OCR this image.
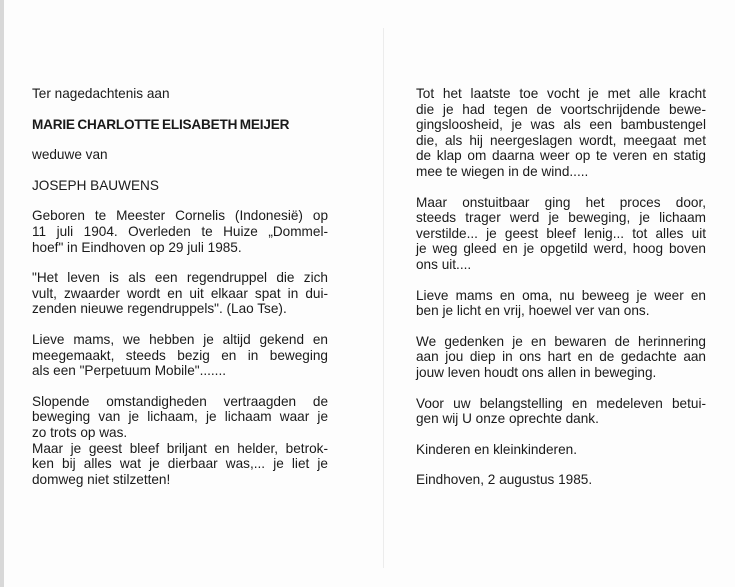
Ter nagedachtenis aan
MARIE CHARLOTTE ELISABETH MEIJER
weduwe van
JOSEPH BAUWENS
Geboren te Meester Cornelis (Indonesië) op
11 juli 1904. Overleden te Huize „Dommel-
hoef" in Eindhoven op 29 juli 1985.
"Het leven is als een regendruppel die zich
vult, zwaarder wordt en uit elkaar spat in dui-
zenden nieuwe regendruppels". (Lao Tse).
Lieve mams, we hebben je altijd gekend en
meegemaakt, steeds bezig en in beweging
als een "Perpetuum Mobile".......
Slopende omstandigheden vertraagden de
beweging van je lichaam, je lichaam waar je
zo trots op was.
Maar je geest bleef briljant en helder, betrok-
ken bij alles wat je dierbaar was,... je liet je
domweg niet stilzetten!
Tot het laatste toe vocht je met alle kracht
die je had tegen de voortschrijdende bewe-
gingsloosheid, je was als een bambustengel
die, als hij neergeslagen wordt, meegaat met
de klap om daarna weer op te veren en statig
mee te wiegen in de wind.....
Maar onstuitbaar ging het proces door,
steeds trager werd je beweging, je lichaam
verstilde... je geest bleef lenig... tot alles uit
je weg gleed en je opgetild werd, hoog boven
ons uit....
Lieve mams en oma, nu beweeg je weer en
ben je licht en vrij, hoewel ver van ons.
We gedenken je en bewaren de herinnering
aan jou diep in ons hart en de gedachte aan
jouw leven houdt ons allen in beweging.
Voor uw belangstelling en medeleven betui-
gen wij U onze oprechte dank.
Kinderen en kleinkinderen.
Eindhoven, 2 augustus 1985.
